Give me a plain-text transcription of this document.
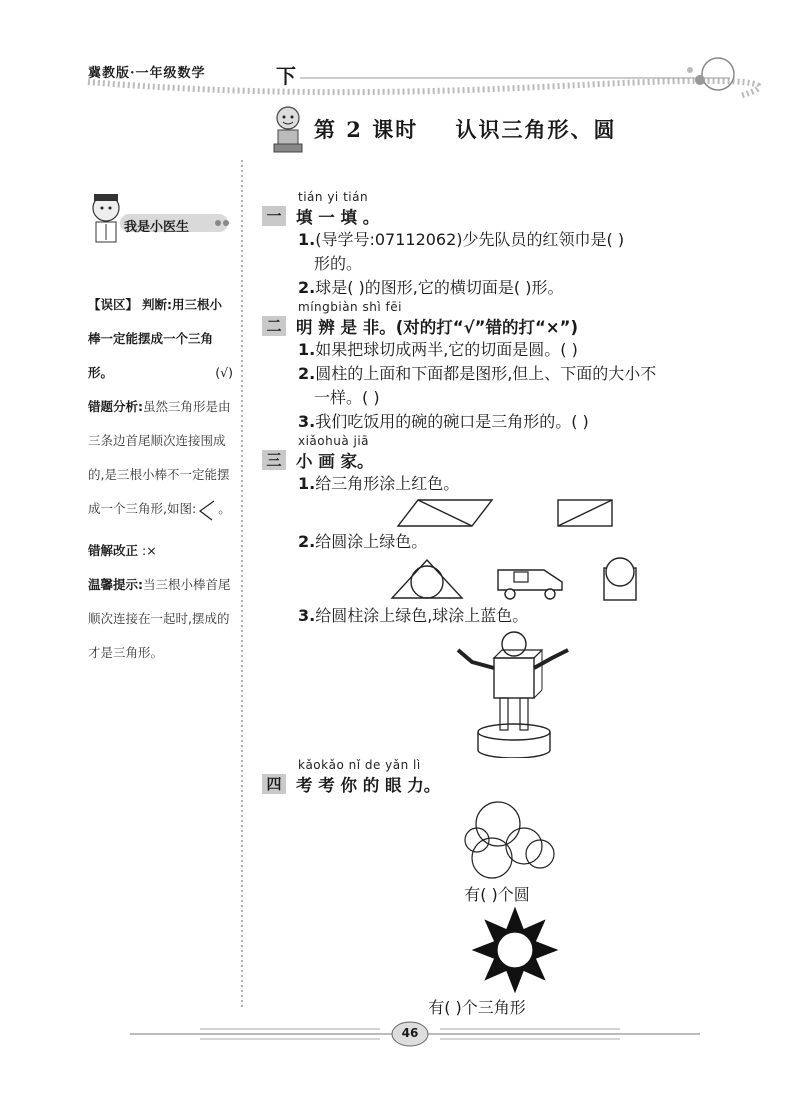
冀教版·一年级数学	下
第 2 课时    认识三角形、圆
我是小医生

【误区】 判断:用三根小棒一定能摆成一个三角形。	(√)

错题分析:虽然三角形是由三条边首尾顺次连接围成的,是三根小棒不一定能摆成一个三角形,如图: 。

错解改正 :×

温馨提示:当三根小棒首尾顺次连接在一起时,摆成的才是三角形。

tián yi tián
一 填 一 填 。
1.(导学号:07112062)少先队员的红领巾是( )
形的。
2.球是( )的图形,它的横切面是( )形。
míngbiàn shì fēi
二 明 辨 是 非。(对的打“√”错的打“×”)
1.如果把球切成两半,它的切面是圆。( )
2.圆柱的上面和下面都是图形,但上、下面的大小不
一样。( )
3.我们吃饭用的碗的碗口是三角形的。( )
xiǎohuà jiā
三 小 画 家。
1.给三角形涂上红色。
2.给圆涂上绿色。
3.给圆柱涂上绿色,球涂上蓝色。
kǎokǎo nǐ de yǎn lì
四 考 考 你 的 眼 力。
有( )个圆
有( )个三角形
46
